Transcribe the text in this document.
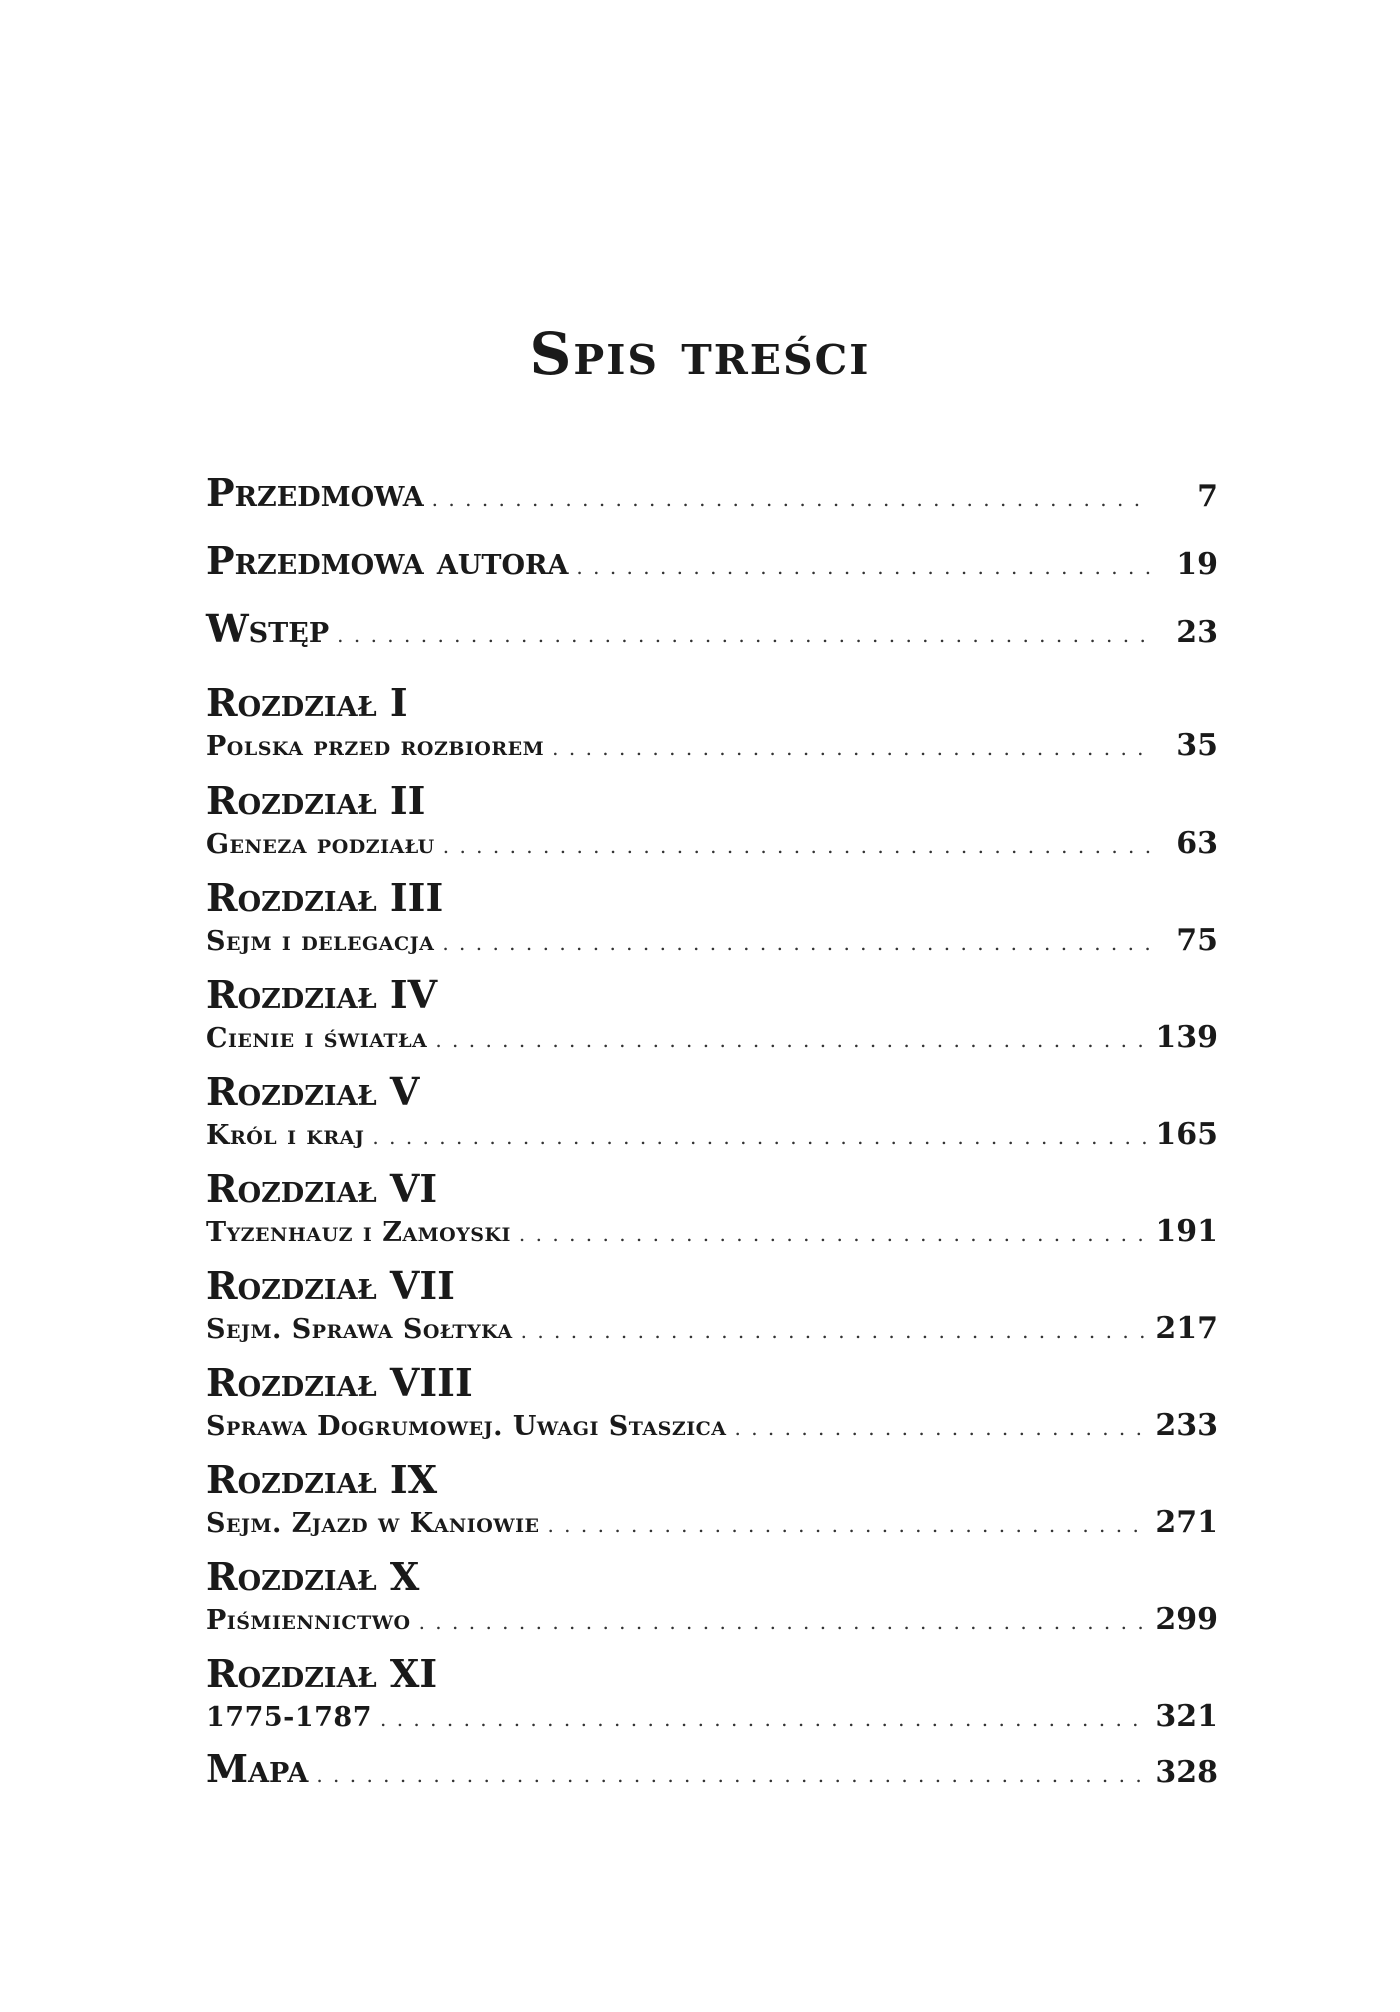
Spis treści
Przedmowa . . .	7
Przedmowa autora . . .	19
Wstęp . . .	23
Rozdział I
Polska przed rozbiorem . . .	35
Rozdział II
Geneza podziału . . .	63
Rozdział III
Sejm i delegacja . . .	75
Rozdział IV
Cienie i światła . . .	139
Rozdział V
Król i kraj . . .	165
Rozdział VI
Tyzenhauz i Zamoyski . . .	191
Rozdział VII
Sejm. Sprawa Sołtyka . . .	217
Rozdział VIII
Sprawa Dogrumowej. Uwagi Staszica . . .	233
Rozdział IX
Sejm. Zjazd w Kaniowie . . .	271
Rozdział X
Piśmiennictwo . . .	299
Rozdział XI
1775-1787 . . .	321
Mapa . . .	328
